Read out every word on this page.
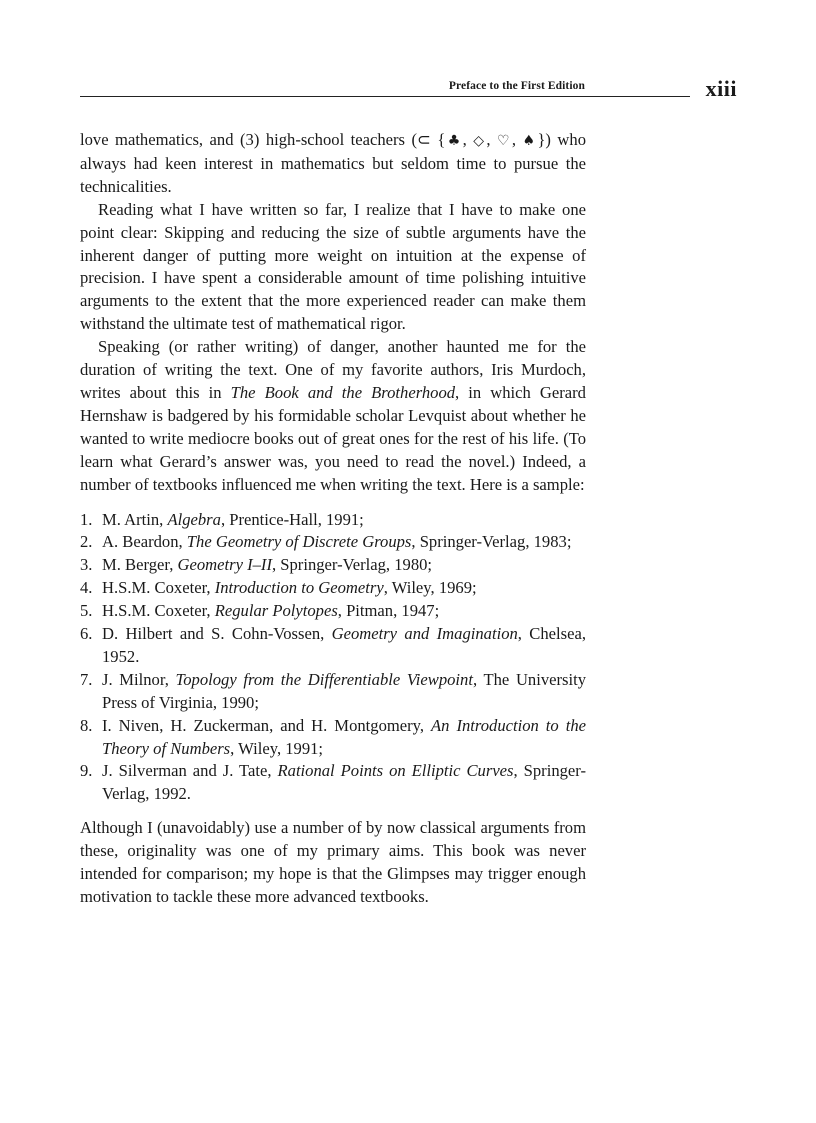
Preface to the First Edition	xiii

love mathematics, and (3) high-school teachers (⊂ {♣, ◇, ♡, ♠}) who always had keen interest in mathematics but seldom time to pursue the technicalities.

Reading what I have written so far, I realize that I have to make one point clear: Skipping and reducing the size of subtle arguments have the inherent danger of putting more weight on intuition at the expense of precision. I have spent a considerable amount of time polishing intuitive arguments to the extent that the more experienced reader can make them withstand the ultimate test of mathematical rigor.

Speaking (or rather writing) of danger, another haunted me for the duration of writing the text. One of my favorite authors, Iris Murdoch, writes about this in The Book and the Brotherhood, in which Gerard Hernshaw is badgered by his formidable scholar Levquist about whether he wanted to write mediocre books out of great ones for the rest of his life. (To learn what Gerard’s answer was, you need to read the novel.) Indeed, a number of textbooks influenced me when writing the text. Here is a sample:

1. M. Artin, Algebra, Prentice-Hall, 1991;
2. A. Beardon, The Geometry of Discrete Groups, Springer-Verlag, 1983;
3. M. Berger, Geometry I–II, Springer-Verlag, 1980;
4. H.S.M. Coxeter, Introduction to Geometry, Wiley, 1969;
5. H.S.M. Coxeter, Regular Polytopes, Pitman, 1947;
6. D. Hilbert and S. Cohn-Vossen, Geometry and Imagination, Chelsea, 1952.
7. J. Milnor, Topology from the Differentiable Viewpoint, The University Press of Virginia, 1990;
8. I. Niven, H. Zuckerman, and H. Montgomery, An Introduction to the Theory of Numbers, Wiley, 1991;
9. J. Silverman and J. Tate, Rational Points on Elliptic Curves, Springer-Verlag, 1992.

Although I (unavoidably) use a number of by now classical arguments from these, originality was one of my primary aims. This book was never intended for comparison; my hope is that the Glimpses may trigger enough motivation to tackle these more advanced textbooks.
